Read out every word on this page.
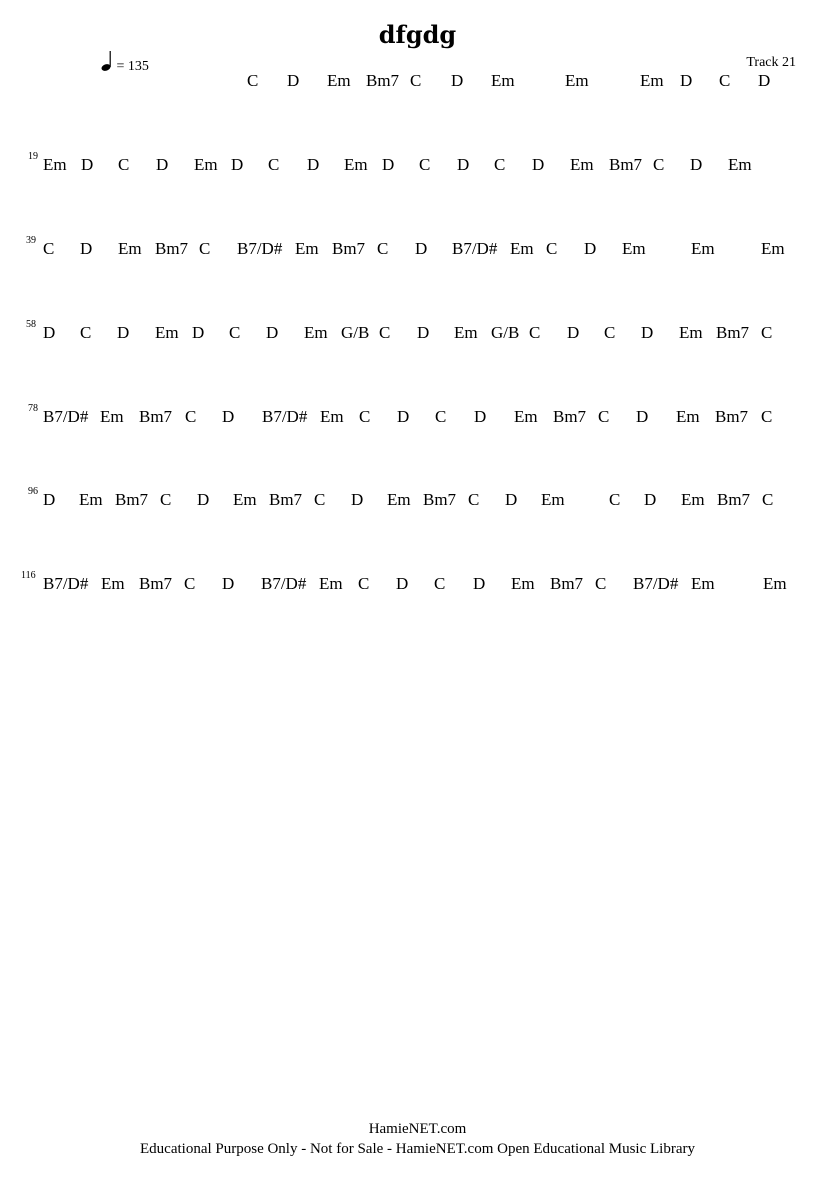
dfgdg
= 135	Track 21
C D Em Bm7 C D Em	Em	Em D C D
19 Em D C D Em D C D Em D C D C D Em Bm7 C D Em
39 C D Em Bm7 C B7/D# Em Bm7 C D B7/D# Em C D Em	Em	Em
58 D C D Em D C D Em G/B C D Em G/B C D C D Em Bm7 C
78 B7/D# Em Bm7 C D B7/D# Em C D C D Em Bm7 C D Em Bm7 C
96 D Em Bm7 C D Em Bm7 C D Em Bm7 C D Em	C D Em Bm7 C
116 B7/D# Em Bm7 C D B7/D# Em C D C D Em Bm7 C B7/D# Em	Em
HamieNET.com
Educational Purpose Only - Not for Sale - HamieNET.com Open Educational Music Library
